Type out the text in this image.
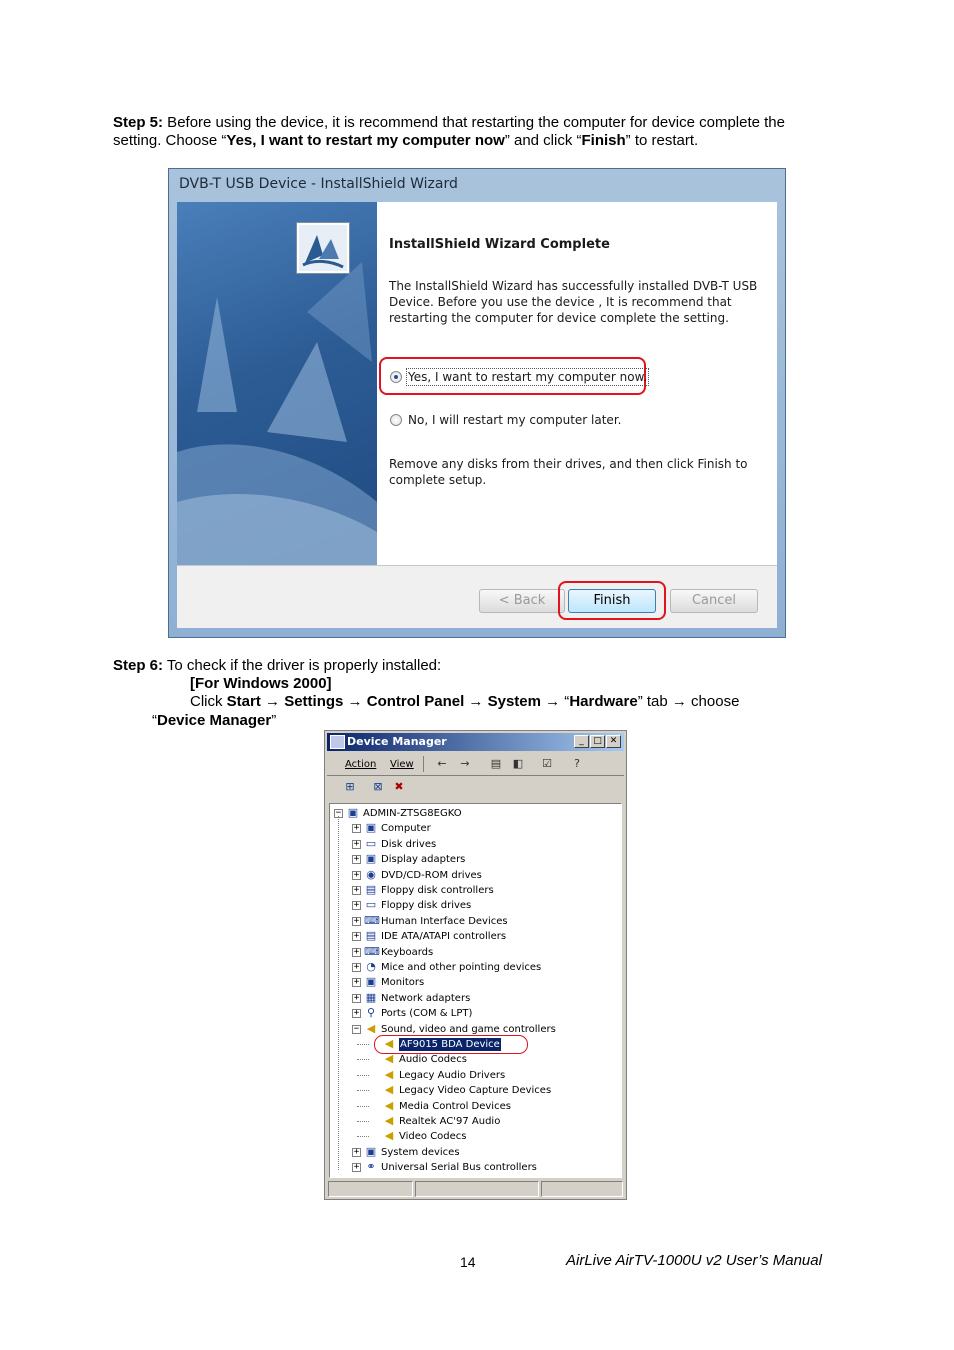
Step 5: Before using the device, it is recommend that restarting the computer for device complete the
setting. Choose “Yes, I want to restart my computer now” and click “Finish” to restart.
DVB-T USB Device - InstallShield Wizard
InstallShield Wizard Complete
The InstallShield Wizard has successfully installed DVB-T USB
Device. Before you use the device , It is recommend that
restarting the computer for device complete the setting.
Yes, I want to restart my computer now.
No, I will restart my computer later.
Remove any disks from their drives, and then click Finish to
complete setup.
< Back	Finish	Cancel
Step 6: To check if the driver is properly installed:
[For Windows 2000]
Click Start → Settings → Control Panel → System → “Hardware” tab → choose
“Device Manager”
Device Manager	_	□ ✕
Action View ← → ▤ ◧ ☑	?
⊞ ⊠ ✖
− ▣ ADMIN-ZTSG8EGKO
+ ▣ Computer
+ ▭ Disk drives
+ ▣ Display adapters
+ ◉ DVD/CD-ROM drives
+ ▤ Floppy disk controllers
+ ▭ Floppy disk drives
+ ⌨ Human Interface Devices
+ ▤ IDE ATA/ATAPI controllers
+ ⌨ Keyboards
+ ◔ Mice and other pointing devices
+ ▣ Monitors
+ ▦ Network adapters
+ ⚲ Ports (COM & LPT)
− ◀ Sound, video and game controllers
◀ AF9015 BDA Device
◀ Audio Codecs
◀ Legacy Audio Drivers
◀ Legacy Video Capture Devices
◀ Media Control Devices
◀ Realtek AC'97 Audio
◀ Video Codecs
+ ▣ System devices
+ ⚭ Universal Serial Bus controllers
14	AirLive AirTV-1000U v2 User’s Manual
